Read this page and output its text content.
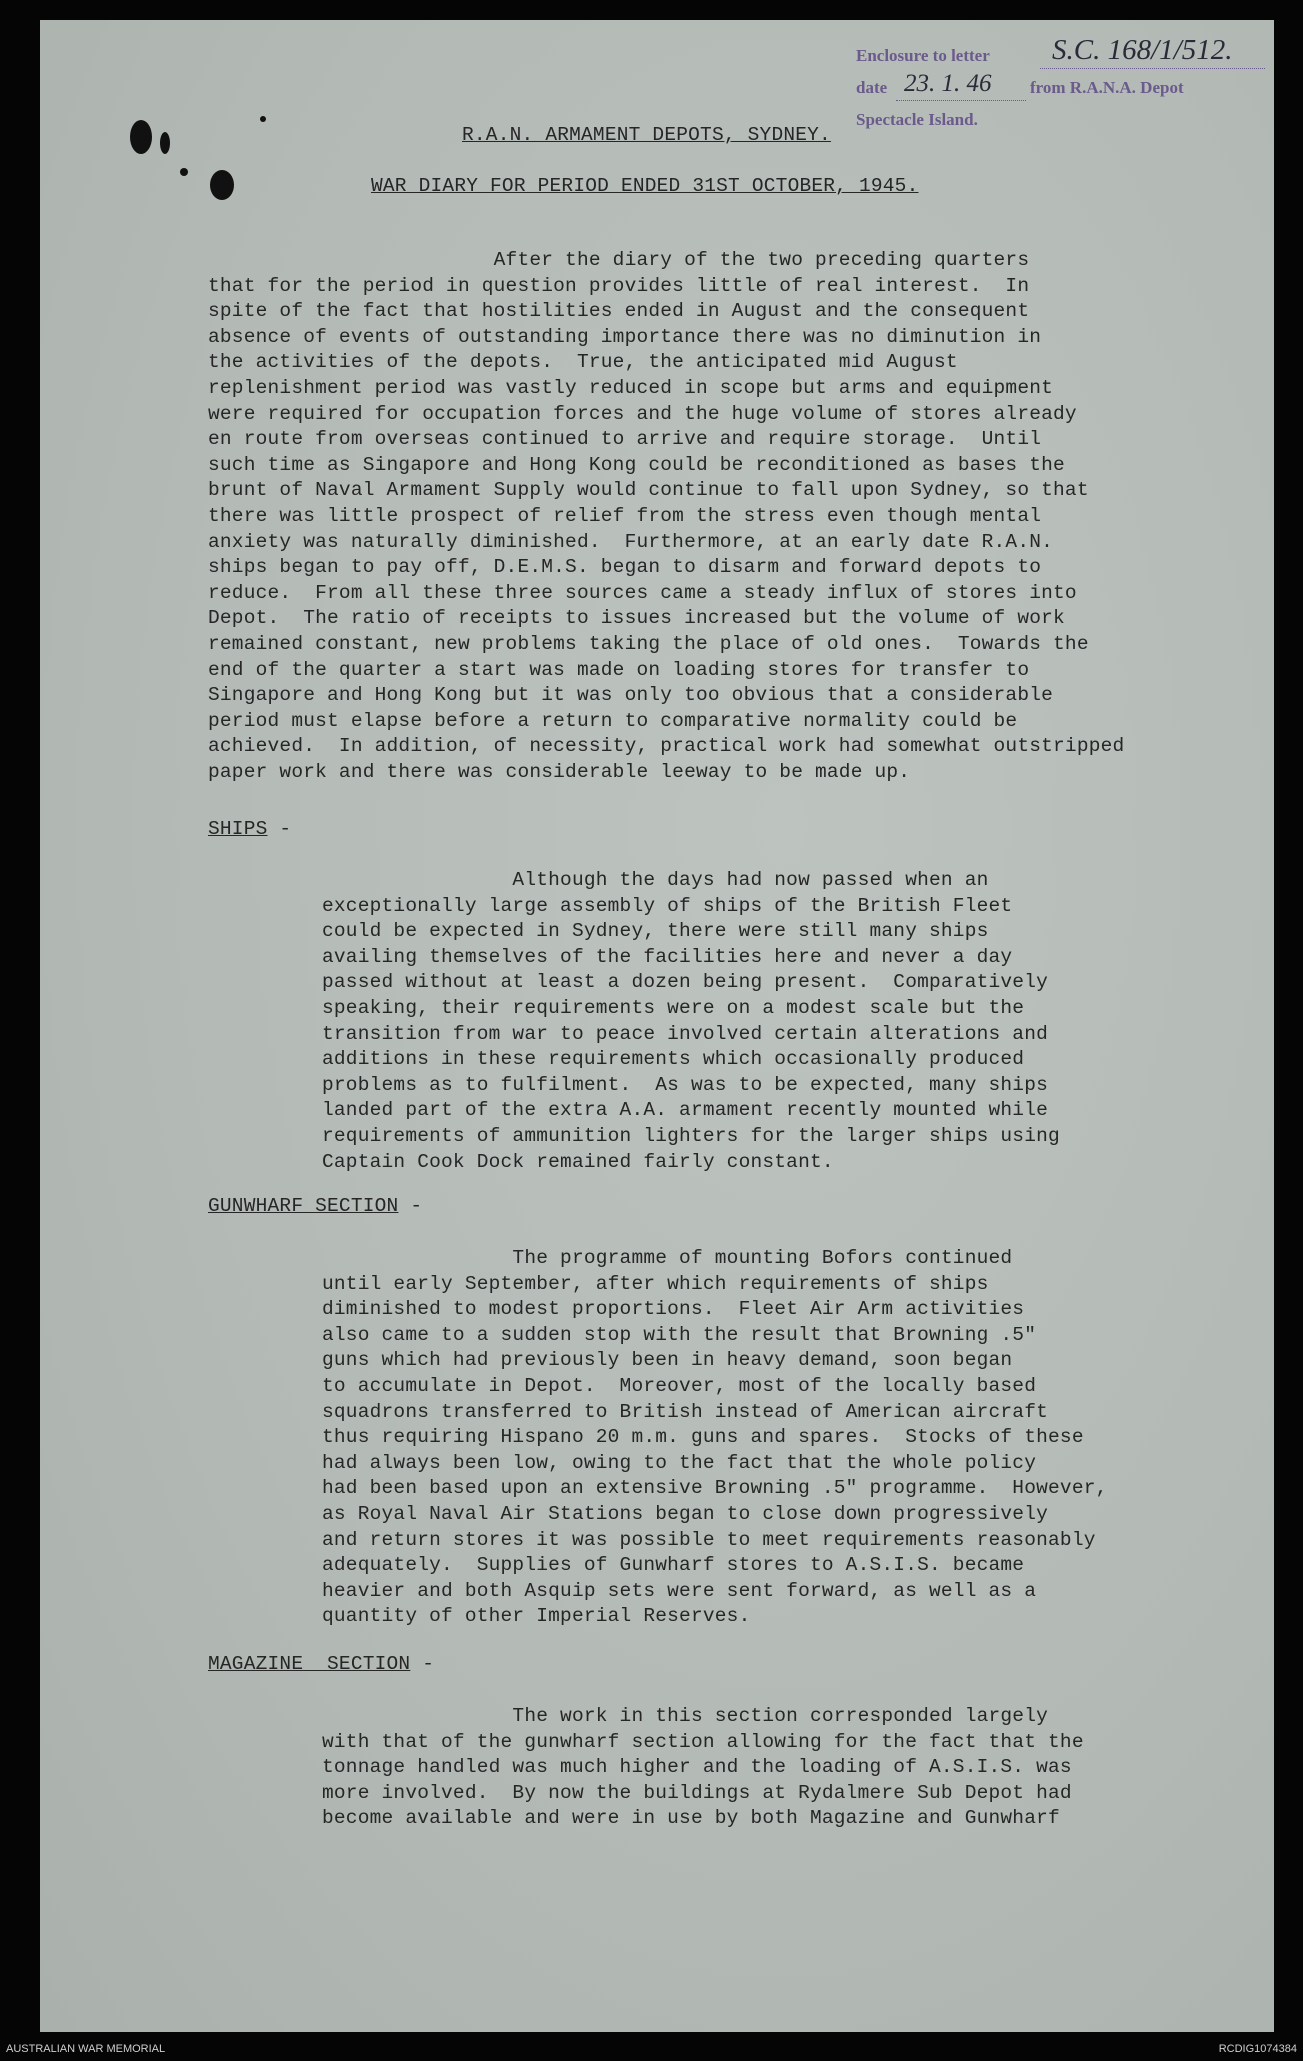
Enclosure to letter S.C. 168/1/512.
date 23. 1. 46 from R.A.N.A. Depot
Spectacle Island.
R.A.N. ARMAMENT DEPOTS, SYDNEY.
WAR DIARY FOR PERIOD ENDED 31ST OCTOBER, 1945.
After the diary of the two preceding quarters
that for the period in question provides little of real interest.  In
spite of the fact that hostilities ended in August and the consequent
absence of events of outstanding importance there was no diminution in
the activities of the depots.  True, the anticipated mid August
replenishment period was vastly reduced in scope but arms and equipment
were required for occupation forces and the huge volume of stores already
en route from overseas continued to arrive and require storage.  Until
such time as Singapore and Hong Kong could be reconditioned as bases the
brunt of Naval Armament Supply would continue to fall upon Sydney, so that
there was little prospect of relief from the stress even though mental
anxiety was naturally diminished.  Furthermore, at an early date R.A.N.
ships began to pay off, D.E.M.S. began to disarm and forward depots to
reduce.  From all these three sources came a steady influx of stores into
Depot.  The ratio of receipts to issues increased but the volume of work
remained constant, new problems taking the place of old ones.  Towards the
end of the quarter a start was made on loading stores for transfer to
Singapore and Hong Kong but it was only too obvious that a considerable
period must elapse before a return to comparative normality could be
achieved.  In addition, of necessity, practical work had somewhat outstripped
paper work and there was considerable leeway to be made up.
SHIPS -
Although the days had now passed when an
exceptionally large assembly of ships of the British Fleet
could be expected in Sydney, there were still many ships
availing themselves of the facilities here and never a day
passed without at least a dozen being present.  Comparatively
speaking, their requirements were on a modest scale but the
transition from war to peace involved certain alterations and
additions in these requirements which occasionally produced
problems as to fulfilment.  As was to be expected, many ships
landed part of the extra A.A. armament recently mounted while
requirements of ammunition lighters for the larger ships using
Captain Cook Dock remained fairly constant.
GUNWHARF SECTION -
The programme of mounting Bofors continued
until early September, after which requirements of ships
diminished to modest proportions.  Fleet Air Arm activities
also came to a sudden stop with the result that Browning .5"
guns which had previously been in heavy demand, soon began
to accumulate in Depot.  Moreover, most of the locally based
squadrons transferred to British instead of American aircraft
thus requiring Hispano 20 m.m. guns and spares.  Stocks of these
had always been low, owing to the fact that the whole policy
had been based upon an extensive Browning .5" programme.  However,
as Royal Naval Air Stations began to close down progressively
and return stores it was possible to meet requirements reasonably
adequately.  Supplies of Gunwharf stores to A.S.I.S. became
heavier and both Asquip sets were sent forward, as well as a
quantity of other Imperial Reserves.
MAGAZINE  SECTION -
The work in this section corresponded largely
with that of the gunwharf section allowing for the fact that the
tonnage handled was much higher and the loading of A.S.I.S. was
more involved.  By now the buildings at Rydalmere Sub Depot had
become available and were in use by both Magazine and Gunwharf
AUSTRALIAN WAR MEMORIAL	RCDIG1074384
